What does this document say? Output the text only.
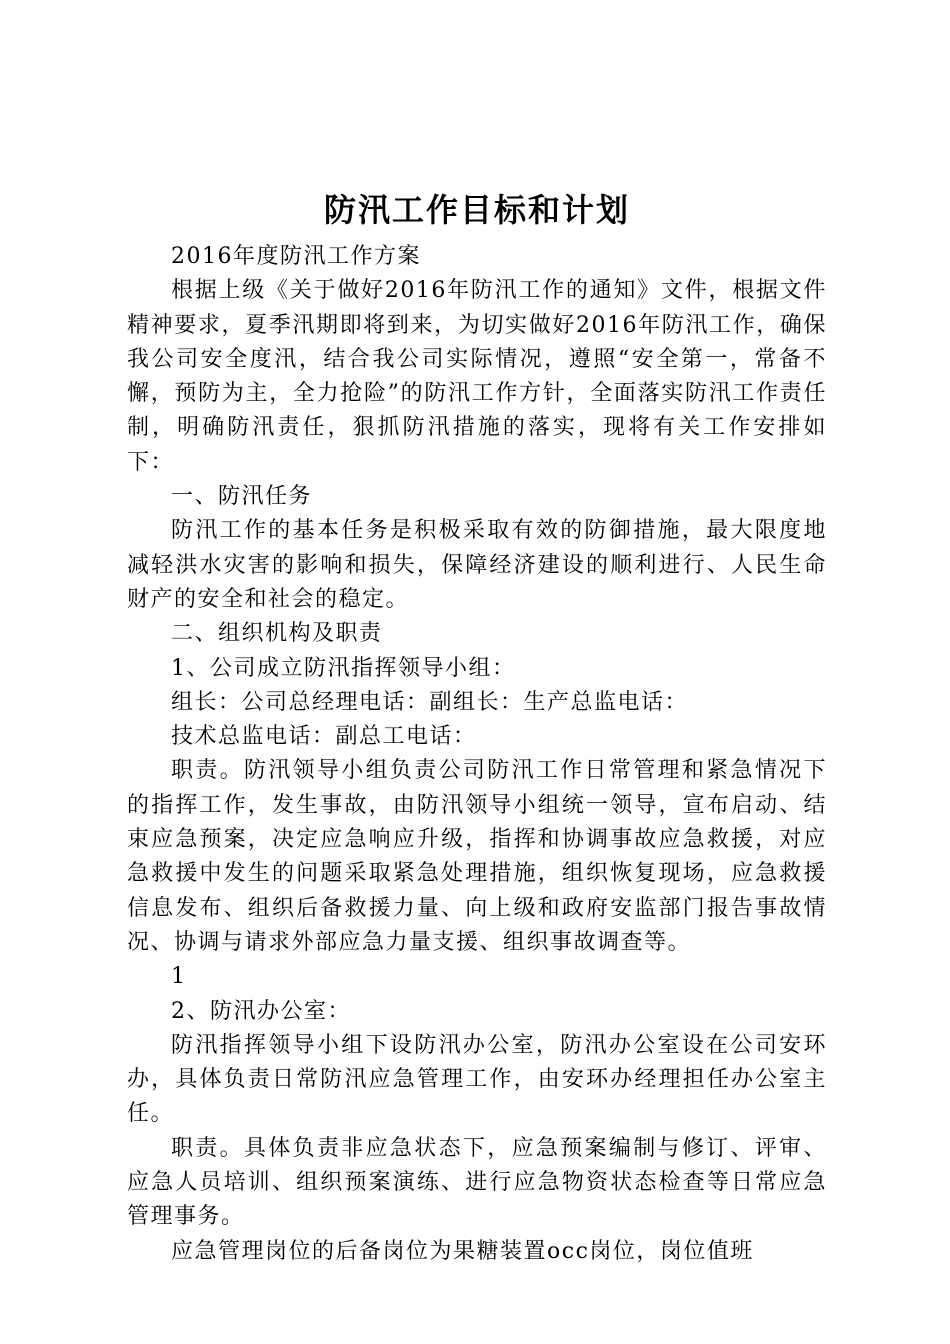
防汛工作目标和计划

2016年度防汛工作方案

根据上级《关于做好2016年防汛工作的通知》文件，根据文件精神要求，夏季汛期即将到来，为切实做好2016年防汛工作，确保我公司安全度汛，结合我公司实际情况，遵照“安全第一，常备不懈，预防为主，全力抢险”的防汛工作方针，全面落实防汛工作责任制，明确防汛责任，狠抓防汛措施的落实，现将有关工作安排如下：

一、防汛任务

防汛工作的基本任务是积极采取有效的防御措施，最大限度地减轻洪水灾害的影响和损失，保障经济建设的顺利进行、人民生命财产的安全和社会的稳定。

二、组织机构及职责

1、公司成立防汛指挥领导小组：

组长：公司总经理电话：副组长：生产总监电话：

技术总监电话：副总工电话：

职责。防汛领导小组负责公司防汛工作日常管理和紧急情况下的指挥工作，发生事故，由防汛领导小组统一领导，宣布启动、结束应急预案，决定应急响应升级，指挥和协调事故应急救援，对应急救援中发生的问题采取紧急处理措施，组织恢复现场，应急救援信息发布、组织后备救援力量、向上级和政府安监部门报告事故情况、协调与请求外部应急力量支援、组织事故调查等。

1

2、防汛办公室：

防汛指挥领导小组下设防汛办公室，防汛办公室设在公司安环办，具体负责日常防汛应急管理工作，由安环办经理担任办公室主任。

职责。具体负责非应急状态下，应急预案编制与修订、评审、应急人员培训、组织预案演练、进行应急物资状态检查等日常应急管理事务。

应急管理岗位的后备岗位为果糖装置occ岗位，岗位值班
